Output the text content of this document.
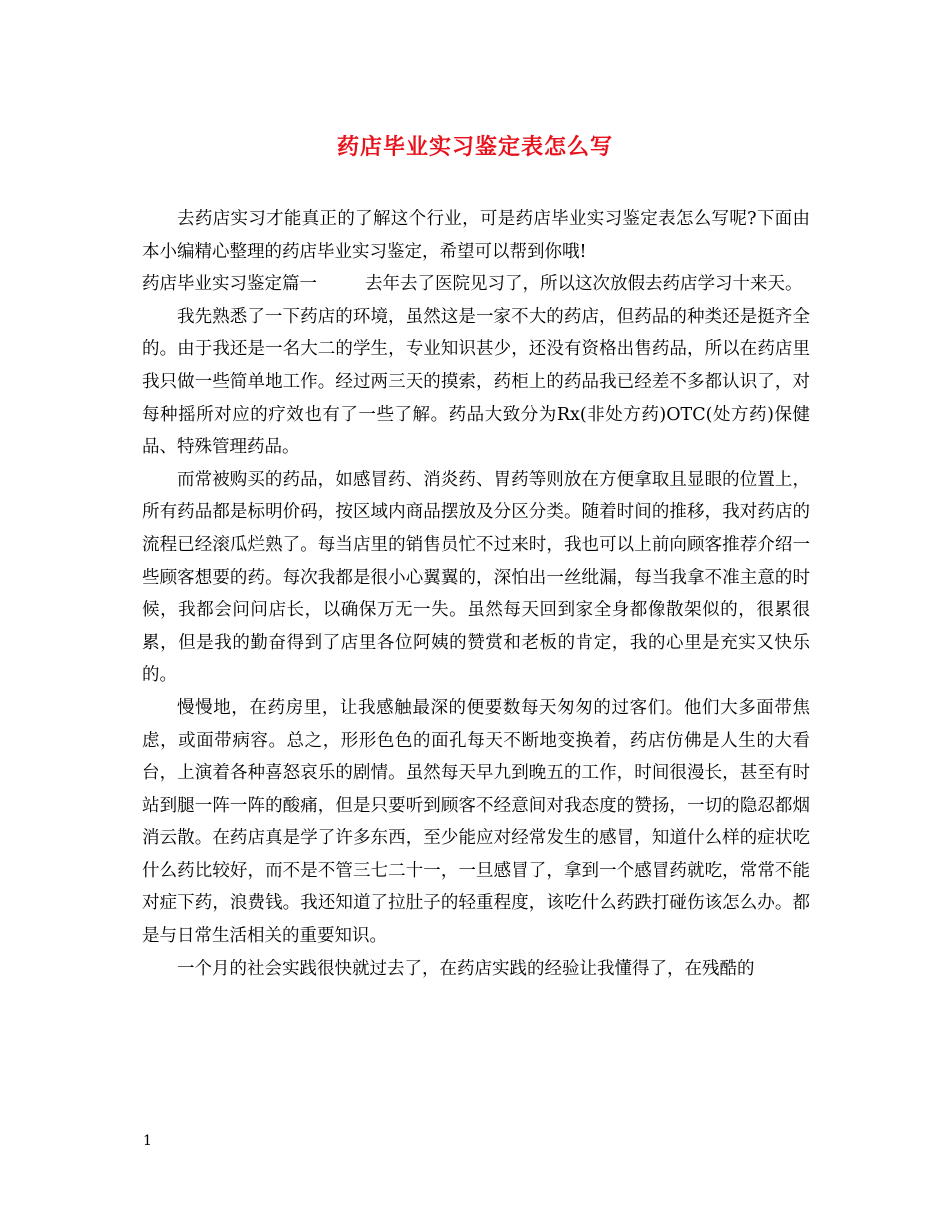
药店毕业实习鉴定表怎么写

去药店实习才能真正的了解这个行业，可是药店毕业实习鉴定表怎么写呢?下面由本小编精心整理的药店毕业实习鉴定，希望可以帮到你哦!

药店毕业实习鉴定篇一	去年去了医院见习了，所以这次放假去药店学习十来天。

我先熟悉了一下药店的环境，虽然这是一家不大的药店，但药品的种类还是挺齐全的。由于我还是一名大二的学生，专业知识甚少，还没有资格出售药品，所以在药店里我只做一些简单地工作。经过两三天的摸索，药柜上的药品我已经差不多都认识了，对每种摇所对应的疗效也有了一些了解。药品大致分为Rx(非处方药)OTC(处方药)保健品、特殊管理药品。

而常被购买的药品，如感冒药、消炎药、胃药等则放在方便拿取且显眼的位置上，所有药品都是标明价码，按区域内商品摆放及分区分类。随着时间的推移，我对药店的流程已经滚瓜烂熟了。每当店里的销售员忙不过来时，我也可以上前向顾客推荐介绍一些顾客想要的药。每次我都是很小心翼翼的，深怕出一丝纰漏，每当我拿不准主意的时候，我都会问问店长，以确保万无一失。虽然每天回到家全身都像散架似的，很累很累，但是我的勤奋得到了店里各位阿姨的赞赏和老板的肯定，我的心里是充实又快乐的。

慢慢地，在药房里，让我感触最深的便要数每天匆匆的过客们。他们大多面带焦虑，或面带病容。总之，形形色色的面孔每天不断地变换着，药店仿佛是人生的大看台，上演着各种喜怒哀乐的剧情。虽然每天早九到晚五的工作，时间很漫长，甚至有时站到腿一阵一阵的酸痛，但是只要听到顾客不经意间对我态度的赞扬，一切的隐忍都烟消云散。在药店真是学了许多东西，至少能应对经常发生的感冒，知道什么样的症状吃什么药比较好，而不是不管三七二十一，一旦感冒了，拿到一个感冒药就吃，常常不能对症下药，浪费钱。我还知道了拉肚子的轻重程度，该吃什么药跌打碰伤该怎么办。都是与日常生活相关的重要知识。

一个月的社会实践很快就过去了，在药店实践的经验让我懂得了，在残酷的

1
